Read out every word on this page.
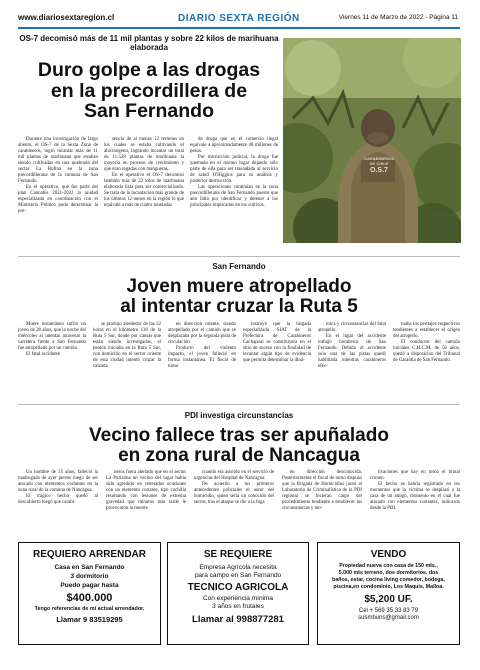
www.diariosextaregion.cl	DIARIO SEXTA REGIÓN	Viernes 11 de Marzo de 2022 - Página 11
OS-7 decomisó más de 11 mil plantas y sobre 22 kilos de marihuana elaborada
Duro golpe a las drogas
en la precordillera de
San Fernando

Durante una investigación de largo aliento, el OS-7 de la Sexta Zona de carabineros, logró incautar más de 11 mil plantas de marihuana que estaban siendo cultivadas en una quebrada del sector La Rufina en la zona precordillerana de la comuna de San Fernando.

En el operativo, que fue parte del plan Cannabis 2021-2022 la unidad especializada en coordinación con el Ministerio Público pudo determinar la pre-

sencia de al menos 12 terrenos en los cuales se estaba cultivando el alucinógeno, logrando incautar un total de 11.528 plantas de marihuana la mayoría en proceso de crecimiento y que eran regadas con mangueras.

En el operativo el OS-7 decomisó también más de 22 kilos de marihuana elaborada lista para ser comercializada. Se trata de la incautación más grande de los últimos 12 meses en la región lo que equivale a más de cuatro toneladas

de droga que en el comercio ilegal equivale a aproximadamente 40 millones de pesos.

Por instrucción judicial, la droga fue quemada en el mismo lugar dejando sólo parte de ella para ser trasladada al servicio de salud O'Higgins para su análisis y posterior destrucción.

Las operaciones continúan en la zona precordillerana de San Fernando puesto que aún falta por identificar y detener a los principales implicados en los cultivos.

CARABINEROS DE CHILE
O.S.7
San Fernando
Joven muere atropellado
al intentar cruzar la Ruta 5

Muere instantáneo sufrió un joven de 28 años, que la noche del miércoles al intentar atravesar la carretera frente a San Fernando fue atropellado por un camión.

El fatal accidente

se produjo alrededor de las 22 horas en el kilómetro 136 de la Ruta 5 Sur, donde por causas que están siendo investigadas, el peatón iniciaba en la Ruta 5 Sur, con domicilio en el sector oriente de esta ciudad intentó cruzar la calzada

en dirección oriente, siendo atropellado por el camión que se desplazaba por la segunda pista de circulación.

Producto del violento impacto, el joven falleció en forma instantánea. El fiscal de turno

instruyó que la brigada especializada SIAT de la Prefectura de Carabineros Cachapoal se constituyera en el sitio de suceso con la finalidad de levantar algún tipo de evidencia que permita determinar la diná-

mica y circunstancias del fatal atropello.

En el lugar del accidente trabajó bomberos de San Fernando. Debido al accidente solo una de las pistas quedó habilitada mientras carabineros efec-

tuaba los peritajes respectivos tendientes a establecer el origen del atropello.

El conductor del camión iniciales C.H.C.M. de 56 años, quedó a disposición del Tribunal de Garantía de San Fernando.

PDI investiga circunstancias
Vecino fallece tras ser apuñalado
en zona rural de Nancagua

Un hombre de 35 años, falleció la madrugada de ayer jueves luego de ser atacado con elementos cortantes en la zona rural de la comuna de Nancagua.

El trágico hecho quedó al descubierto luego que carabi-

neros fuera alertado que en el sector La Purísima un vecino del lugar había sido agredido en reiteradas ocasiones con un elemento cortante, tipo cuchilla resultando con lesiones de extrema gravedad que minutos más tarde le provocaron la muerte

cuando era asistido en el servicio de urgencias del Hospital de Nancagua.

De acuerdo a los primeros antecedentes policiales el autor del homicidio, quien sería un conocido del sector, tras el ataque se dio a la fuga

en dirección desconocida. Posteriormente el fiscal de turno dispuso que la Brigada de Homicidios junto al Laboratorio de Criminalística de la PDI regional se hicieran cargo del procedimiento tendiente a establecer las circunstancias y mo-

tivaciones que hay en torno el brutal crimen.

El hecho se habría registrado en los momentos que la víctima se desplazó a la casa de un amigo, momento en el cual fue atacado con elementos cortantes, indicaron desde la PDI.

REQUIERO ARRENDAR
Casa en San Fernando
3 dormitorio
Puedo pagar hasta
$400.000
Tengo referencias de mi actual arrendador.
Llamar 9 83519295
SE REQUIERE
Empresa Agrícola necesita
para campo en San Fernando
TECNICO AGRICOLA
Con experiencia mínima
3 años en frutales
Llamar al 998877281
VENDO
Propiedad nueva con casa de 150 mts.,
5.000 mts terreno, dos dormitorios, dos
baños, estar, cocina living comedor, bodega,
piscina,en condominio, Los Maquis, Malloa.
$5,200 UF.
Cel + 569 35 33 83 79
susmbuns@gmail.com
